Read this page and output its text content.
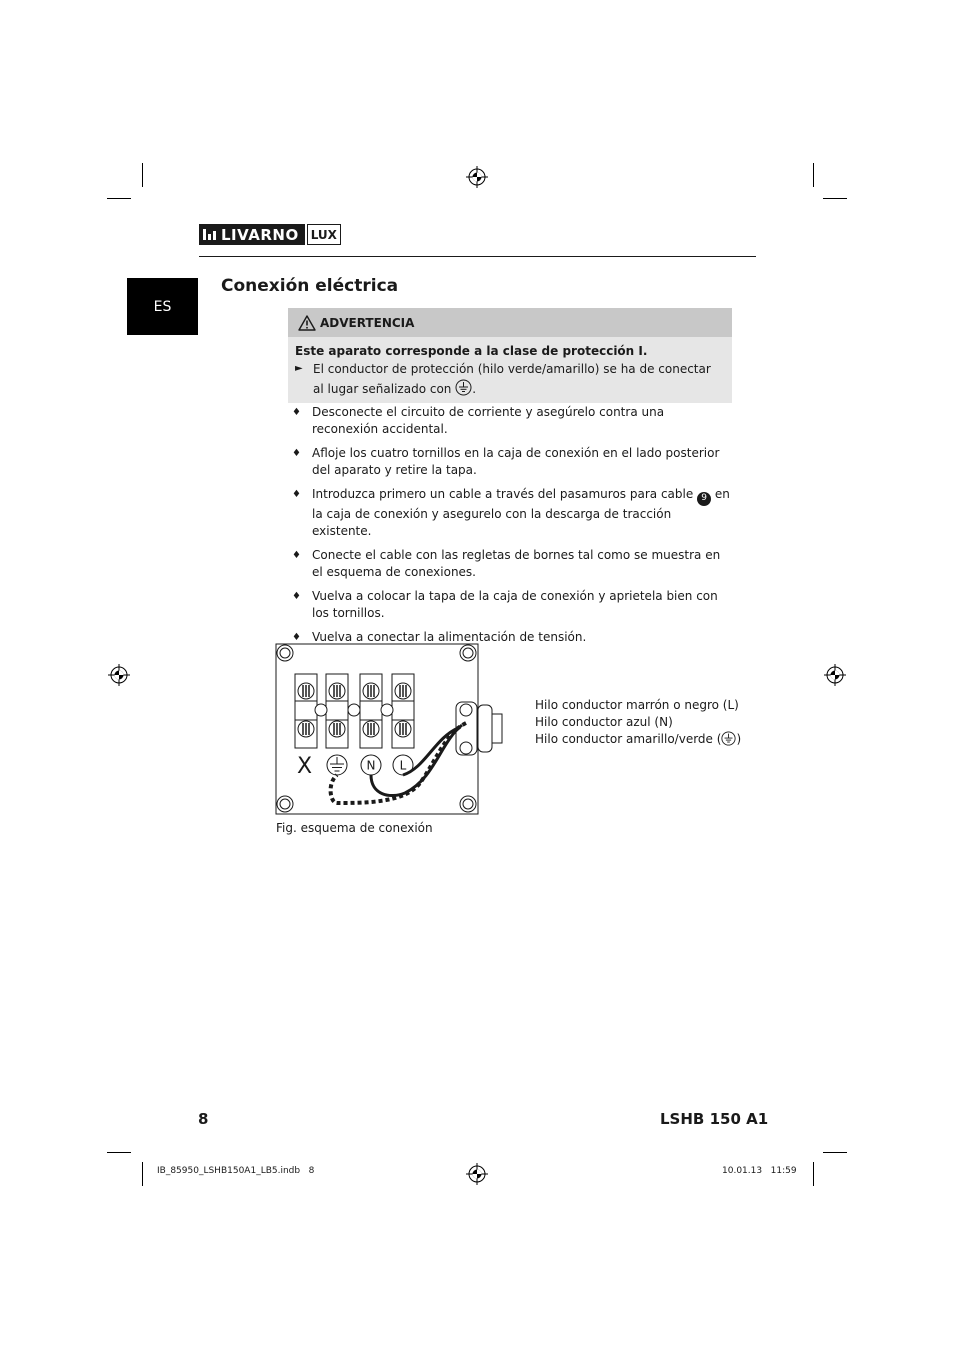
LIVARNO	LUX
ES
Conexión eléctrica
ADVERTENCIA
Este aparato corresponde a la clase de protección I.
► El conductor de protección (hilo verde/amarillo) se ha de conectar al lugar señalizado con .
♦ Desconecte el circuito de corriente y asegúrelo contra una reconexión accidental.
♦ Afloje los cuatro tornillos en la caja de conexión en el lado posterior del aparato y retire la tapa.
♦ Introduzca primero un cable a través del pasamuros para cable 9 en la caja de conexión y asegurelo con la descarga de tracción existente.
♦ Conecte el cable con las regletas de bornes tal como se muestra en el esquema de conexiones.
♦ Vuelva a colocar la tapa de la caja de conexión y aprietela bien con los tornillos.
♦ Vuelva a conectar la alimentación de tensión.
X	N L
Hilo conductor marrón o negro (L)
Hilo conductor azul (N)
Hilo conductor amarillo/verde ( )
Fig. esquema de conexión
8	LSHB 150 A1
IB_85950_LSHB150A1_LB5.indb   8	10.01.13   11:59
